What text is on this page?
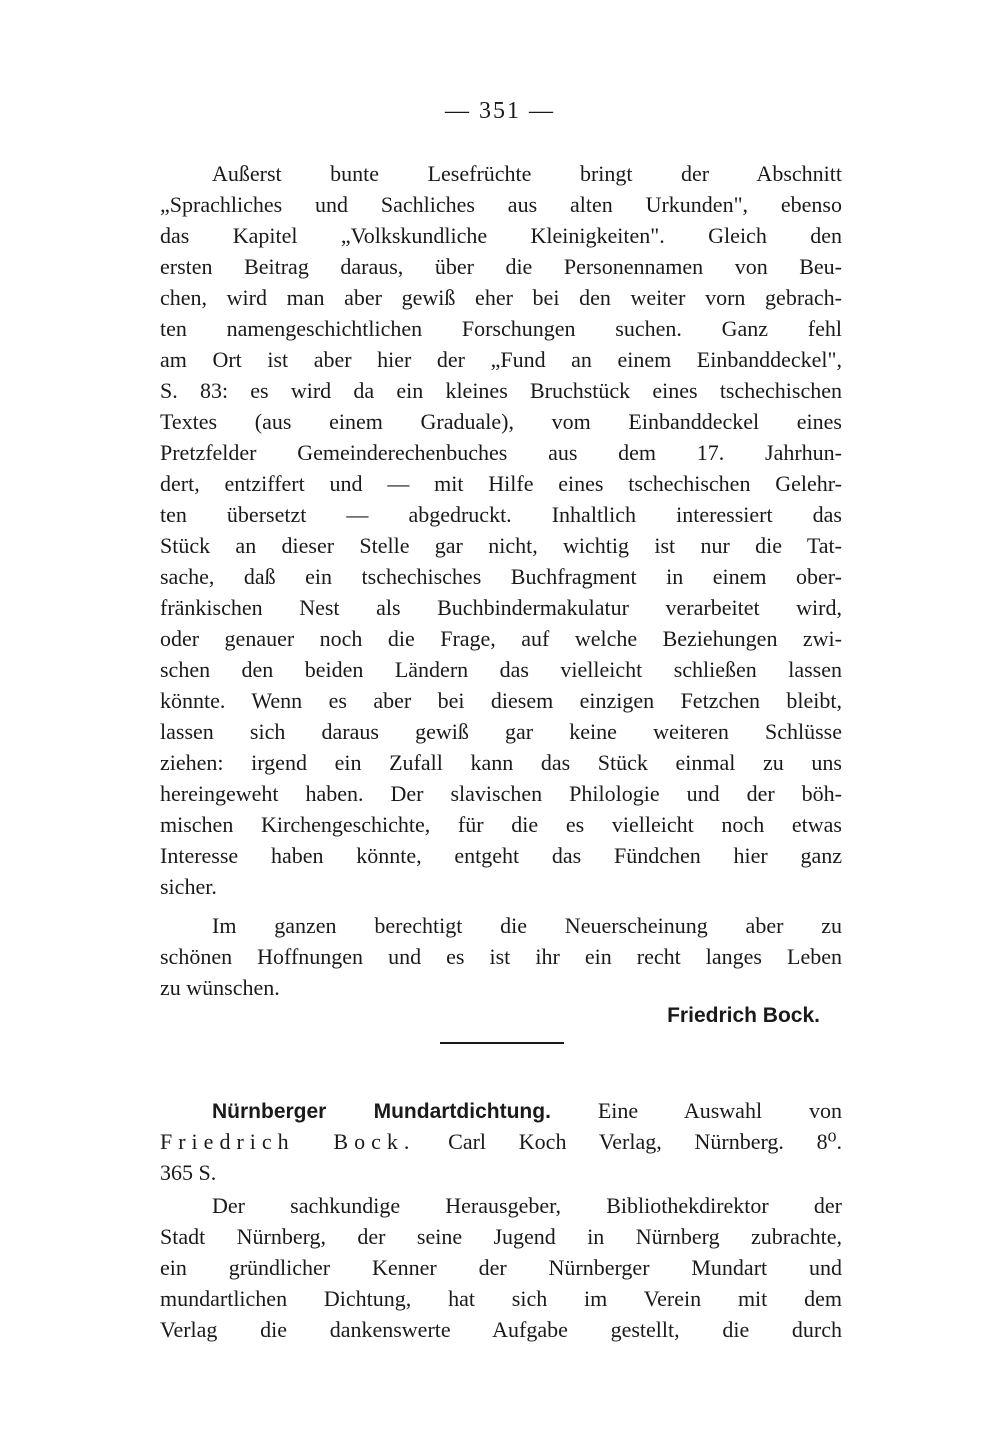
— 351 —
Außerst bunte Lesefrüchte bringt der Abschnitt
„Sprachliches und Sachliches aus alten Urkunden", ebenso
das Kapitel „Volkskundliche Kleinigkeiten". Gleich den
ersten Beitrag daraus, über die Personennamen von Beu-
chen, wird man aber gewiß eher bei den weiter vorn gebrach-
ten namengeschichtlichen Forschungen suchen. Ganz fehl
am Ort ist aber hier der „Fund an einem Einbanddeckel",
S. 83: es wird da ein kleines Bruchstück eines tschechischen
Textes (aus einem Graduale), vom Einbanddeckel eines
Pretzfelder Gemeinderechenbuches aus dem 17. Jahrhun-
dert, entziffert und — mit Hilfe eines tschechischen Gelehr-
ten übersetzt — abgedruckt. Inhaltlich interessiert das
Stück an dieser Stelle gar nicht, wichtig ist nur die Tat-
sache, daß ein tschechisches Buchfragment in einem ober-
fränkischen Nest als Buchbindermakulatur verarbeitet wird,
oder genauer noch die Frage, auf welche Beziehungen zwi-
schen den beiden Ländern das vielleicht schließen lassen
könnte. Wenn es aber bei diesem einzigen Fetzchen bleibt,
lassen sich daraus gewiß gar keine weiteren Schlüsse
ziehen: irgend ein Zufall kann das Stück einmal zu uns
hereingeweht haben. Der slavischen Philologie und der böh-
mischen Kirchengeschichte, für die es vielleicht noch etwas
Interesse haben könnte, entgeht das Fündchen hier ganz
sicher.
Im ganzen berechtigt die Neuerscheinung aber zu
schönen Hoffnungen und es ist ihr ein recht langes Leben
zu wünschen.
Friedrich Bock.
Nürnberger Mundartdichtung. Eine Auswahl von
Friedrich Bock. Carl Koch Verlag, Nürnberg. 8⁰.
365 S.
Der sachkundige Herausgeber, Bibliothekdirektor der
Stadt Nürnberg, der seine Jugend in Nürnberg zubrachte,
ein gründlicher Kenner der Nürnberger Mundart und
mundartlichen Dichtung, hat sich im Verein mit dem
Verlag die dankenswerte Aufgabe gestellt, die durch
